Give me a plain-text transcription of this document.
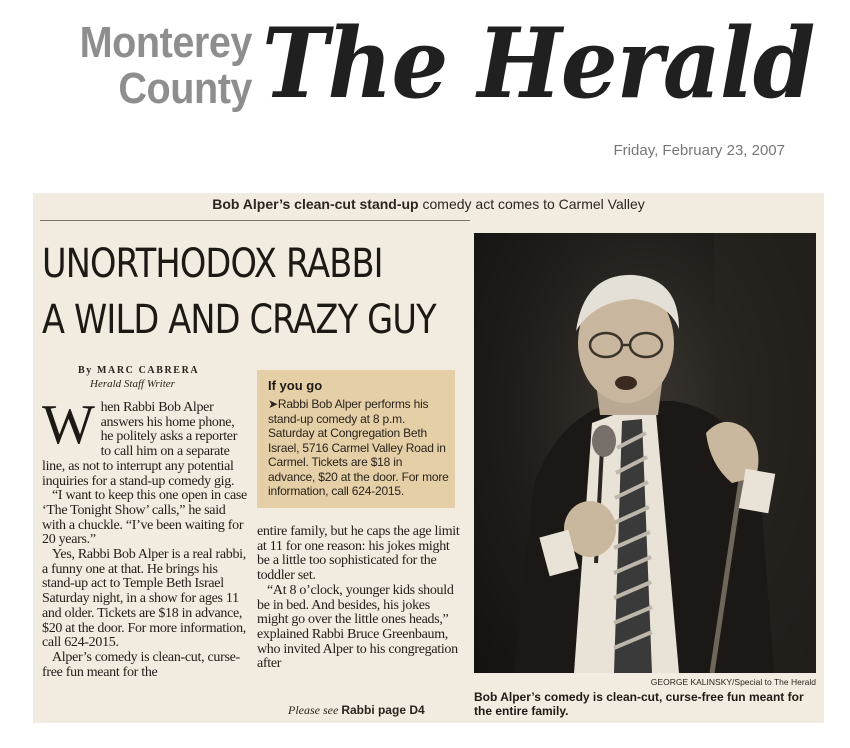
Monterey
County The Herald
Friday, February 23, 2007
Bob Alper’s clean-cut stand-up comedy act comes to Carmel Valley
UNORTHODOX RABBI
A WILD AND CRAZY GUY
By MARC CABRERA
Herald Staff Writer

When Rabbi Bob Alper answers his home phone, he politely asks a reporter to call him on a separate line, as not to interrupt any potential inquiries for a stand-up comedy gig.

“I want to keep this one open in case ‘The Tonight Show’ calls,” he said with a chuckle. “I’ve been waiting for 20 years.”

Yes, Rabbi Bob Alper is a real rabbi, a funny one at that. He brings his stand-up act to Temple Beth Israel Saturday night, in a show for ages 11 and older. Tickets are $18 in advance, $20 at the door. For more information, call 624-2015.

Alper’s comedy is clean-cut, curse-free fun meant for the

If you go
➤Rabbi Bob Alper performs his stand-up comedy at 8 p.m. Saturday at Congregation Beth Israel, 5716 Carmel Valley Road in Carmel. Tickets are $18 in advance, $20 at the door. For more information, call 624-2015.

entire family, but he caps the age limit at 11 for one reason: his jokes might be a little too sophisticated for the toddler set.

“At 8 o’clock, younger kids should be in bed. And besides, his jokes might go over the little ones heads,” explained Rabbi Bruce Greenbaum, who invited Alper to his congregation after

Please see Rabbi page D4
GEORGE KALINSKY/Special to The Herald
Bob Alper’s comedy is clean-cut, curse-free fun meant for the entire family.
